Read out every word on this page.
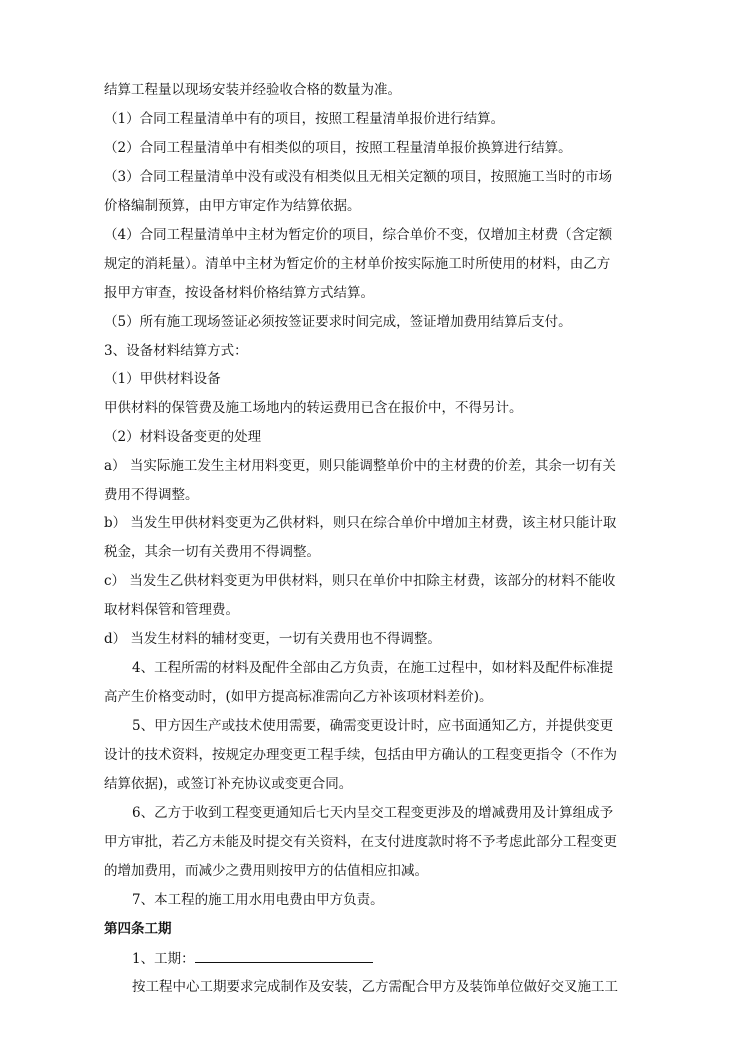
结算工程量以现场安装并经验收合格的数量为准。
（1）合同工程量清单中有的项目，按照工程量清单报价进行结算。
（2）合同工程量清单中有相类似的项目，按照工程量清单报价换算进行结算。
（3）合同工程量清单中没有或没有相类似且无相关定额的项目，按照施工当时的市场
价格编制预算，由甲方审定作为结算依据。
（4）合同工程量清单中主材为暂定价的项目，综合单价不变，仅增加主材费（含定额
规定的消耗量）。清单中主材为暂定价的主材单价按实际施工时所使用的材料，由乙方
报甲方审查，按设备材料价格结算方式结算。
（5）所有施工现场签证必须按签证要求时间完成，签证增加费用结算后支付。
3、设备材料结算方式：
（1）甲供材料设备
甲供材料的保管费及施工场地内的转运费用已含在报价中，不得另计。
（2）材料设备变更的处理
a） 当实际施工发生主材用料变更，则只能调整单价中的主材费的价差，其余一切有关
费用不得调整。
b） 当发生甲供材料变更为乙供材料，则只在综合单价中增加主材费，该主材只能计取
税金，其余一切有关费用不得调整。
c） 当发生乙供材料变更为甲供材料，则只在单价中扣除主材费，该部分的材料不能收
取材料保管和管理费。
d） 当发生材料的辅材变更，一切有关费用也不得调整。
4、工程所需的材料及配件全部由乙方负责，在施工过程中，如材料及配件标准提
高产生价格变动时，(如甲方提高标准需向乙方补该项材料差价)。
5、甲方因生产或技术使用需要，确需变更设计时，应书面通知乙方，并提供变更
设计的技术资料，按规定办理变更工程手续，包括由甲方确认的工程变更指令（不作为
结算依据)，或签订补充协议或变更合同。
6、乙方于收到工程变更通知后七天内呈交工程变更涉及的增减费用及计算组成予
甲方审批，若乙方未能及时提交有关资料，在支付进度款时将不予考虑此部分工程变更
的增加费用，而减少之费用则按甲方的估值相应扣减。
7、本工程的施工用水用电费由甲方负责。
第四条工期
1、工期：
按工程中心工期要求完成制作及安装，乙方需配合甲方及装饰单位做好交叉施工工
